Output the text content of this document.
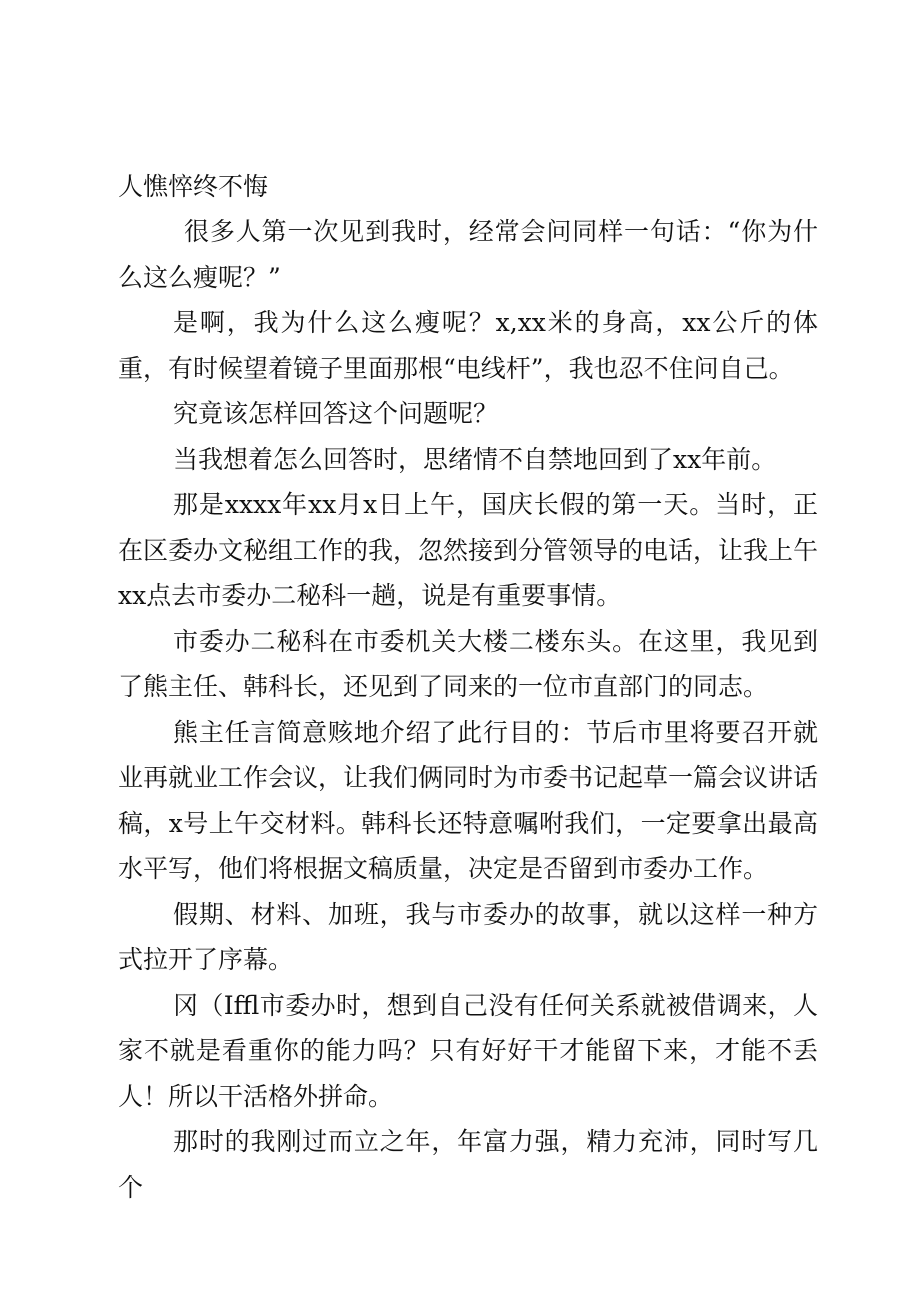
人憔悴终不悔

很多人第一次见到我时，经常会问同样一句话：“你为什么这么瘦呢？”

是啊，我为什么这么瘦呢？x,xx米的身高，xx公斤的体重，有时候望着镜子里面那根“电线杆”，我也忍不住问自己。

究竟该怎样回答这个问题呢？

当我想着怎么回答时，思绪情不自禁地回到了xx年前。

那是xxxx年xx月x日上午，国庆长假的第一天。当时，正在区委办文秘组工作的我，忽然接到分管领导的电话，让我上午xx点去市委办二秘科一趟，说是有重要事情。

市委办二秘科在市委机关大楼二楼东头。在这里，我见到了熊主任、韩科长，还见到了同来的一位市直部门的同志。

熊主任言简意赅地介绍了此行目的：节后市里将要召开就业再就业工作会议，让我们俩同时为市委书记起草一篇会议讲话稿，x号上午交材料。韩科长还特意嘱咐我们，一定要拿出最高水平写，他们将根据文稿质量，决定是否留到市委办工作。

假期、材料、加班，我与市委办的故事，就以这样一种方式拉开了序幕。

冈（Iffl市委办时，想到自己没有任何关系就被借调来，人家不就是看重你的能力吗？只有好好干才能留下来，才能不丢人！所以干活格外拼命。

那时的我刚过而立之年，年富力强，精力充沛，同时写几个
